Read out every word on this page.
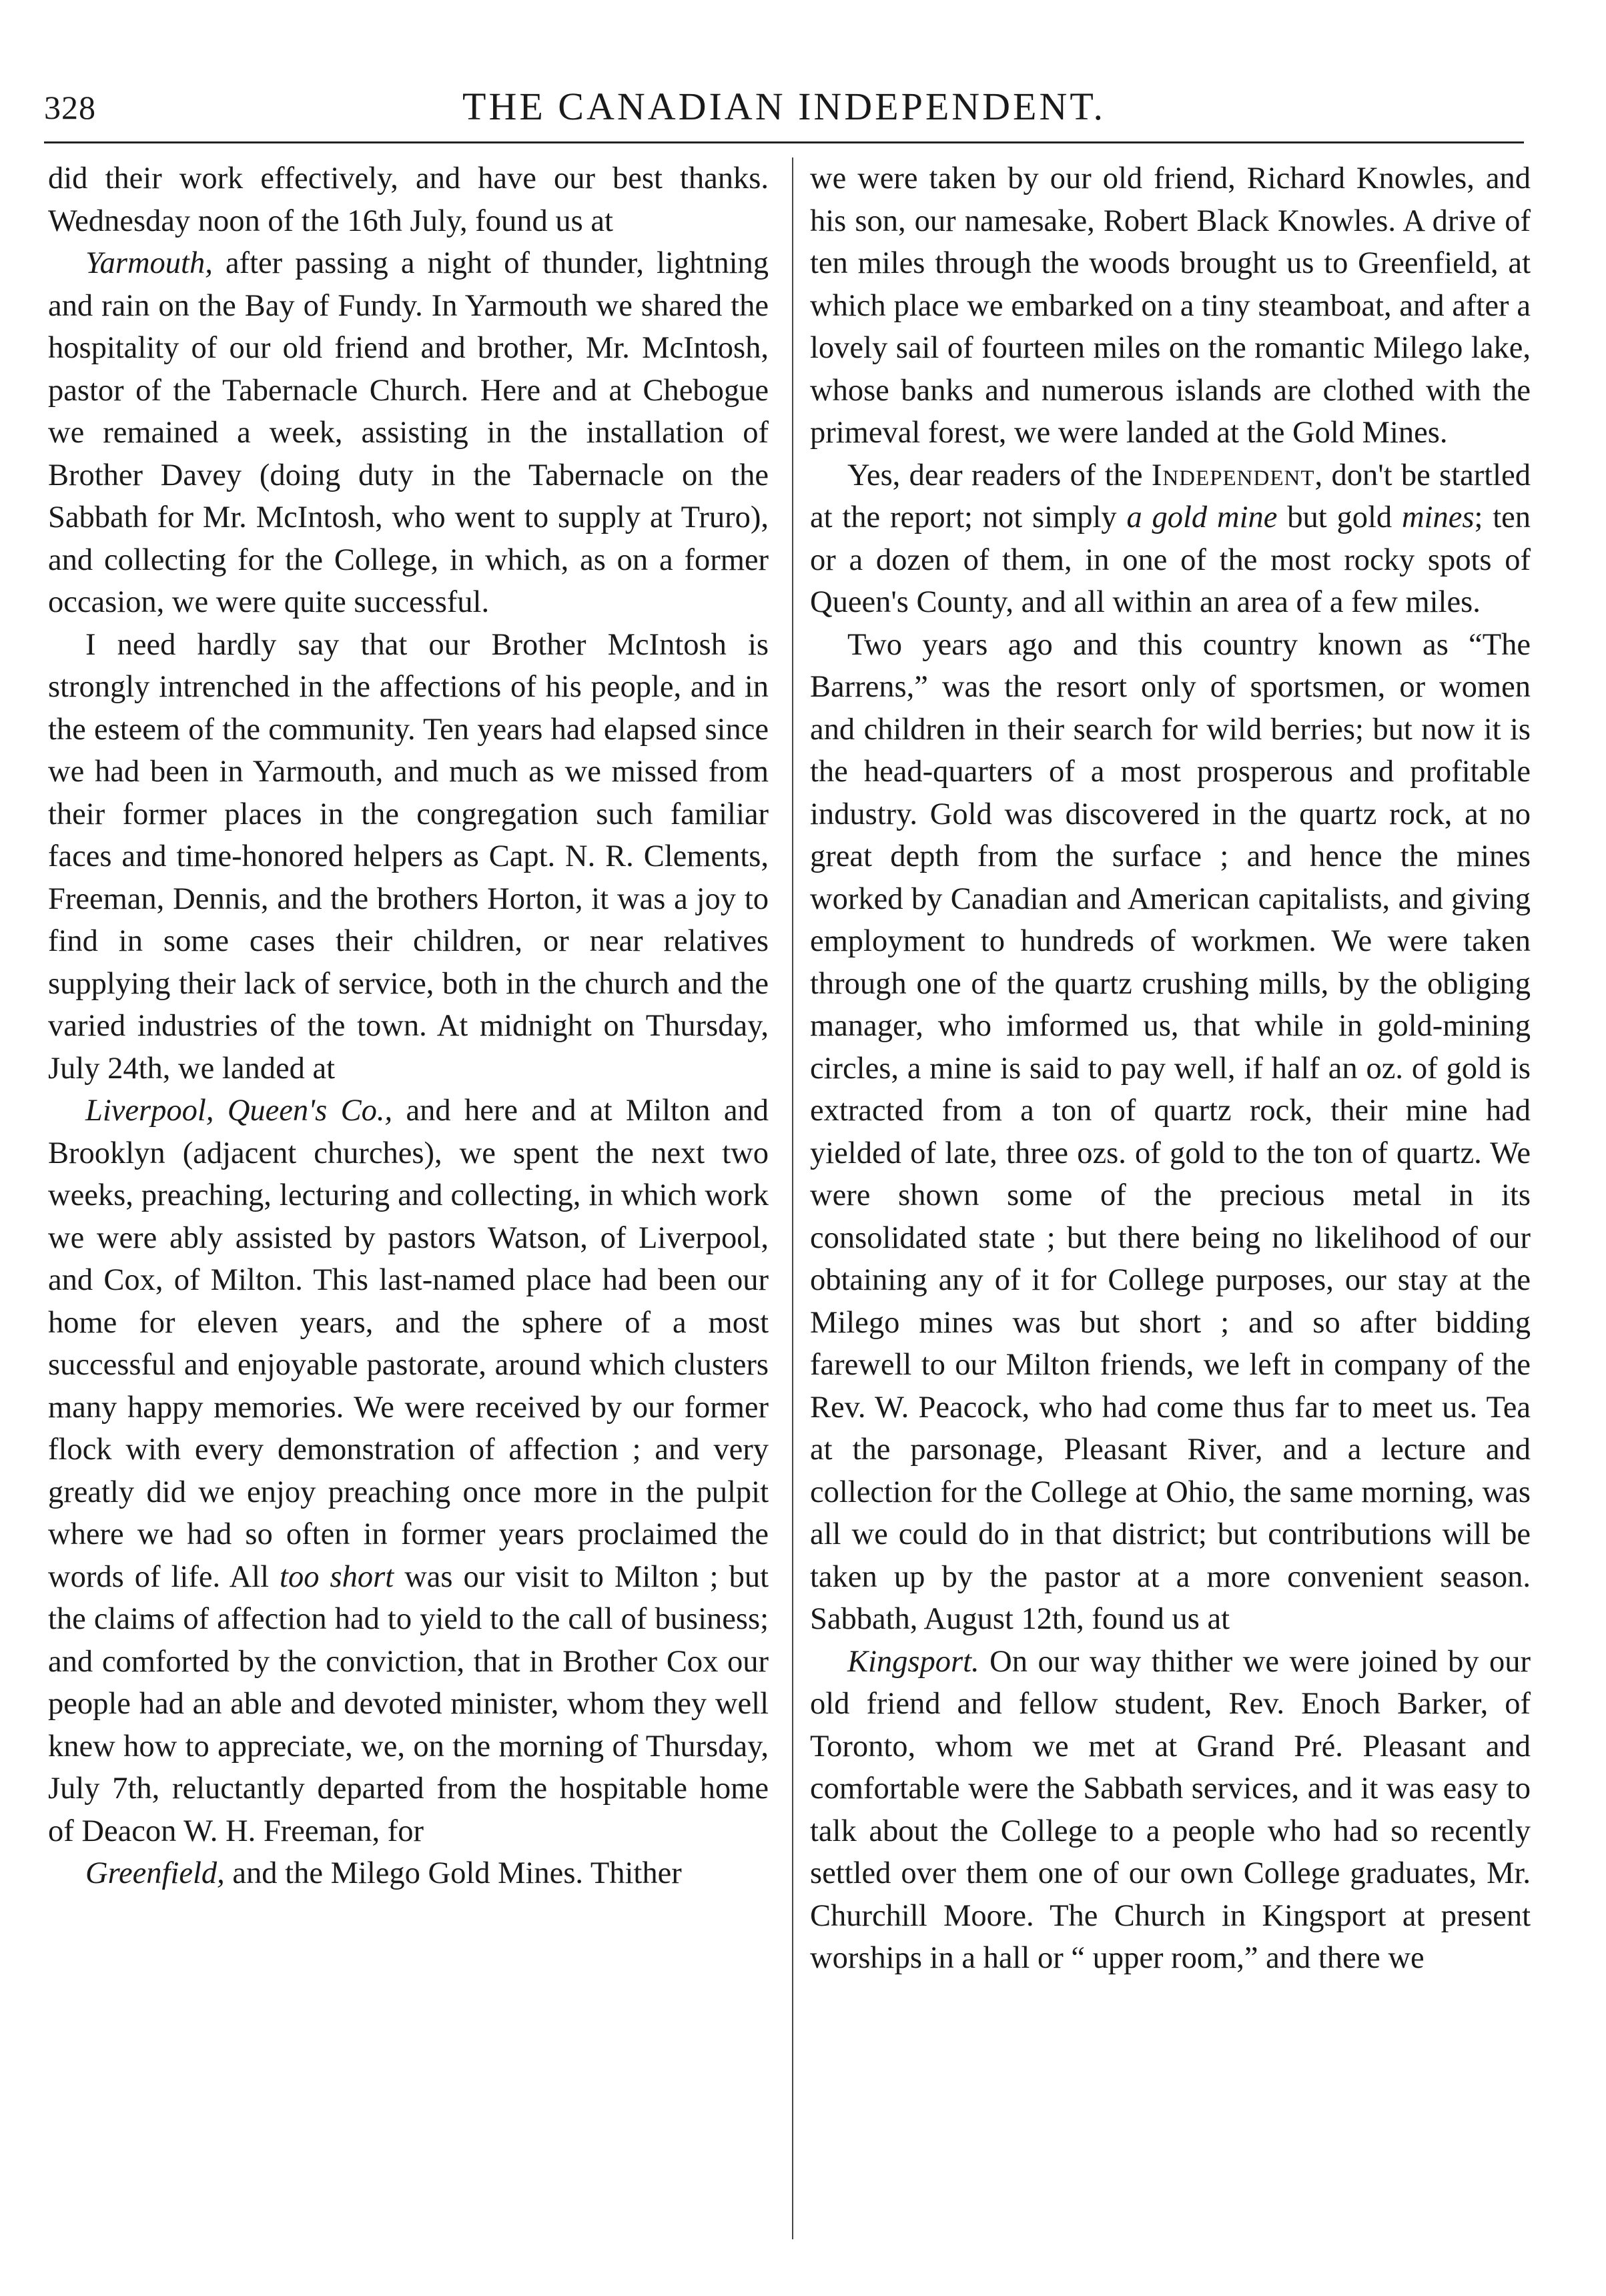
328	THE CANADIAN INDEPENDENT.

did their work effectively, and have our best thanks. Wednesday noon of the 16th July, found us at

Yarmouth, after passing a night of thunder, lightning and rain on the Bay of Fundy. In Yarmouth we shared the hospitality of our old friend and brother, Mr. McIntosh, pastor of the Tabernacle Church. Here and at Chebogue we remained a week, assisting in the installation of Brother Davey (doing duty in the Tabernacle on the Sabbath for Mr. McIntosh, who went to supply at Truro), and collecting for the College, in which, as on a former occasion, we were quite successful.

I need hardly say that our Brother McIntosh is strongly intrenched in the affections of his people, and in the esteem of the community. Ten years had elapsed since we had been in Yarmouth, and much as we missed from their former places in the congregation such familiar faces and time-honored helpers as Capt. N. R. Clements, Freeman, Dennis, and the brothers Horton, it was a joy to find in some cases their children, or near relatives supplying their lack of service, both in the church and the varied industries of the town. At midnight on Thursday, July 24th, we landed at

Liverpool, Queen's Co., and here and at Milton and Brooklyn (adjacent churches), we spent the next two weeks, preaching, lecturing and collecting, in which work we were ably assisted by pastors Watson, of Liverpool, and Cox, of Milton. This last-named place had been our home for eleven years, and the sphere of a most successful and enjoyable pastorate, around which clusters many happy memories. We were received by our former flock with every demonstration of affection ; and very greatly did we enjoy preaching once more in the pulpit where we had so often in former years proclaimed the words of life. All too short was our visit to Milton ; but the claims of affection had to yield to the call of business; and comforted by the conviction, that in Brother Cox our people had an able and devoted minister, whom they well knew how to appreciate, we, on the morning of Thursday, July 7th, reluctantly departed from the hospitable home of Deacon W. H. Freeman, for

Greenfield, and the Milego Gold Mines. Thither

we were taken by our old friend, Richard Knowles, and his son, our namesake, Robert Black Knowles. A drive of ten miles through the woods brought us to Greenfield, at which place we embarked on a tiny steamboat, and after a lovely sail of fourteen miles on the romantic Milego lake, whose banks and numerous islands are clothed with the primeval forest, we were landed at the Gold Mines.

Yes, dear readers of the Independent, don't be startled at the report; not simply a gold mine but gold mines; ten or a dozen of them, in one of the most rocky spots of Queen's County, and all within an area of a few miles.

Two years ago and this country known as “The Barrens,” was the resort only of sportsmen, or women and children in their search for wild berries; but now it is the head-quarters of a most prosperous and profitable industry. Gold was discovered in the quartz rock, at no great depth from the surface ; and hence the mines worked by Canadian and American capitalists, and giving employment to hundreds of workmen. We were taken through one of the quartz crushing mills, by the obliging manager, who imformed us, that while in gold-mining circles, a mine is said to pay well, if half an oz. of gold is extracted from a ton of quartz rock, their mine had yielded of late, three ozs. of gold to the ton of quartz. We were shown some of the precious metal in its consolidated state ; but there being no likelihood of our obtaining any of it for College purposes, our stay at the Milego mines was but short ; and so after bidding farewell to our Milton friends, we left in company of the Rev. W. Peacock, who had come thus far to meet us. Tea at the parsonage, Pleasant River, and a lecture and collection for the College at Ohio, the same morning, was all we could do in that district; but contributions will be taken up by the pastor at a more convenient season. Sabbath, August 12th, found us at

Kingsport. On our way thither we were joined by our old friend and fellow student, Rev. Enoch Barker, of Toronto, whom we met at Grand Pré. Pleasant and comfortable were the Sabbath services, and it was easy to talk about the College to a people who had so recently settled over them one of our own College graduates, Mr. Churchill Moore. The Church in Kingsport at present worships in a hall or “ upper room,” and there we
